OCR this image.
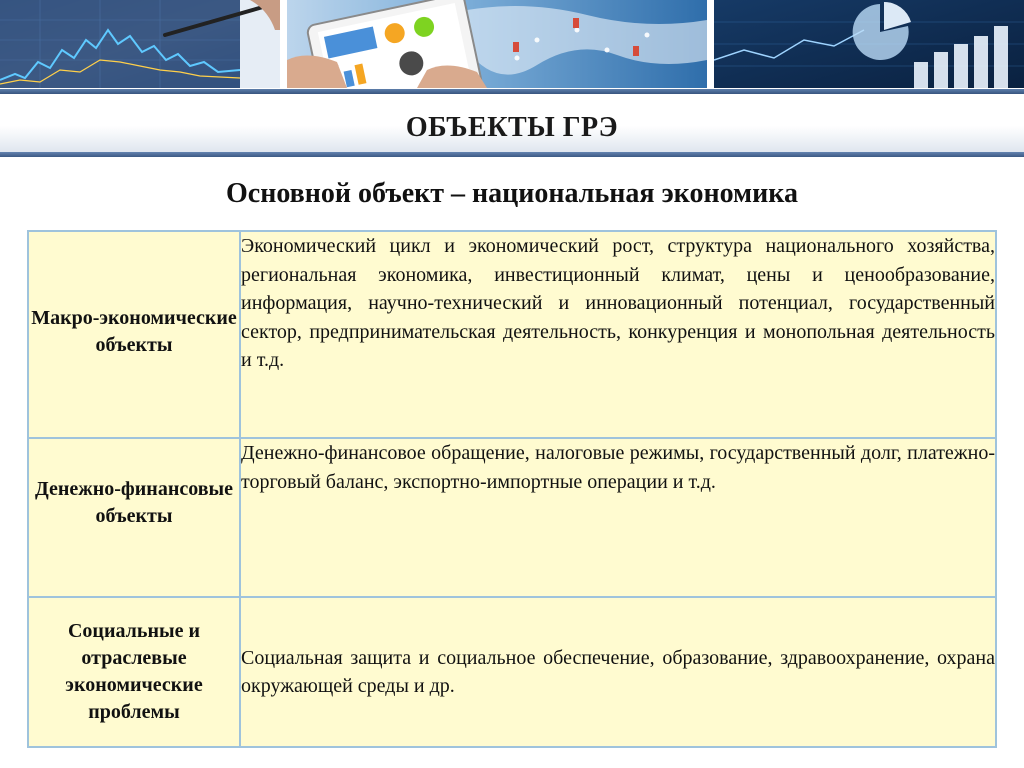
ОБЪЕКТЫ ГРЭ
Основной объект – национальная экономика
Макро-экономические объекты	Экономический цикл и экономический рост, структура национального хозяйства, региональная экономика, инвестиционный климат, цены и ценообразование, информация, научно-технический и инновационный потенциал, государственный сектор, предпринимательская деятельность, конкуренция и монопольная деятельность и т.д.

Денежно-финансовые объекты	Денежно-финансовое обращение, налоговые режимы, государственный долг, платежно-торговый баланс, экспортно-импортные операции и т.д.

Социальные и отраслевые экономические проблемы	Социальная защита и социальное обеспечение, образование, здравоохранение, охрана окружающей среды и др.
